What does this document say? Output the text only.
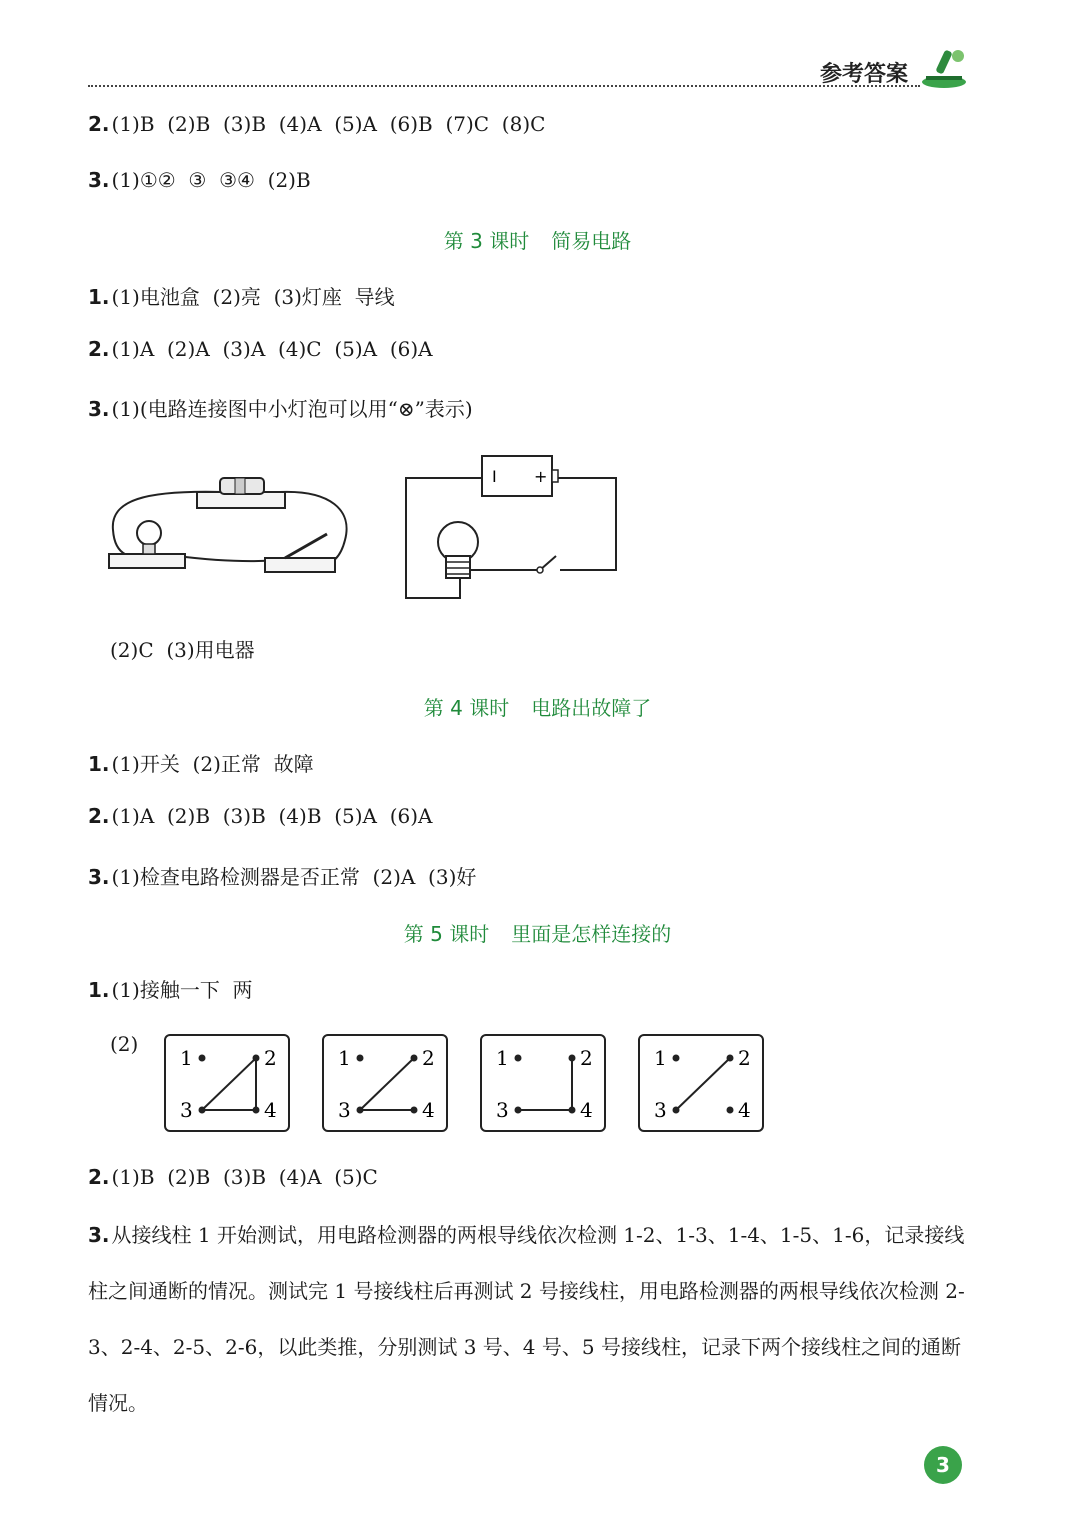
参考答案
2. (1)B  (2)B  (3)B  (4)A  (5)A  (6)B  (7)C  (8)C
3. (1)①②  ③  ③④  (2)B
第 3 课时 简易电路
1. (1)电池盒  (2)亮  (3)灯座  导线
2. (1)A  (2)A  (3)A  (4)C  (5)A  (6)A
3. (1)(电路连接图中小灯泡可以用“⊗”表示)
I +
(2)C  (3)用电器
第 4 课时 电路出故障了
1. (1)开关  (2)正常  故障
2. (1)A  (2)B  (3)B  (4)B  (5)A  (6)A
3. (1)检查电路检测器是否正常  (2)A  (3)好
第 5 课时 里面是怎样连接的
1. (1)接触一下  两
(2)
1	2
3	4
1	2
3	4
1	2
3	4
1	2
3	4
2. (1)B  (2)B  (3)B  (4)A  (5)C
3. 从接线柱 1 开始测试，用电路检测器的两根导线依次检测 1-2、1-3、1-4、1-5、1-6，记录接线柱之间通断的情况。测试完 1 号接线柱后再测试 2 号接线柱，用电路检测器的两根导线依次检测 2-3、2-4、2-5、2-6，以此类推，分别测试 3 号、4 号、5 号接线柱，记录下两个接线柱之间的通断情况。
3
